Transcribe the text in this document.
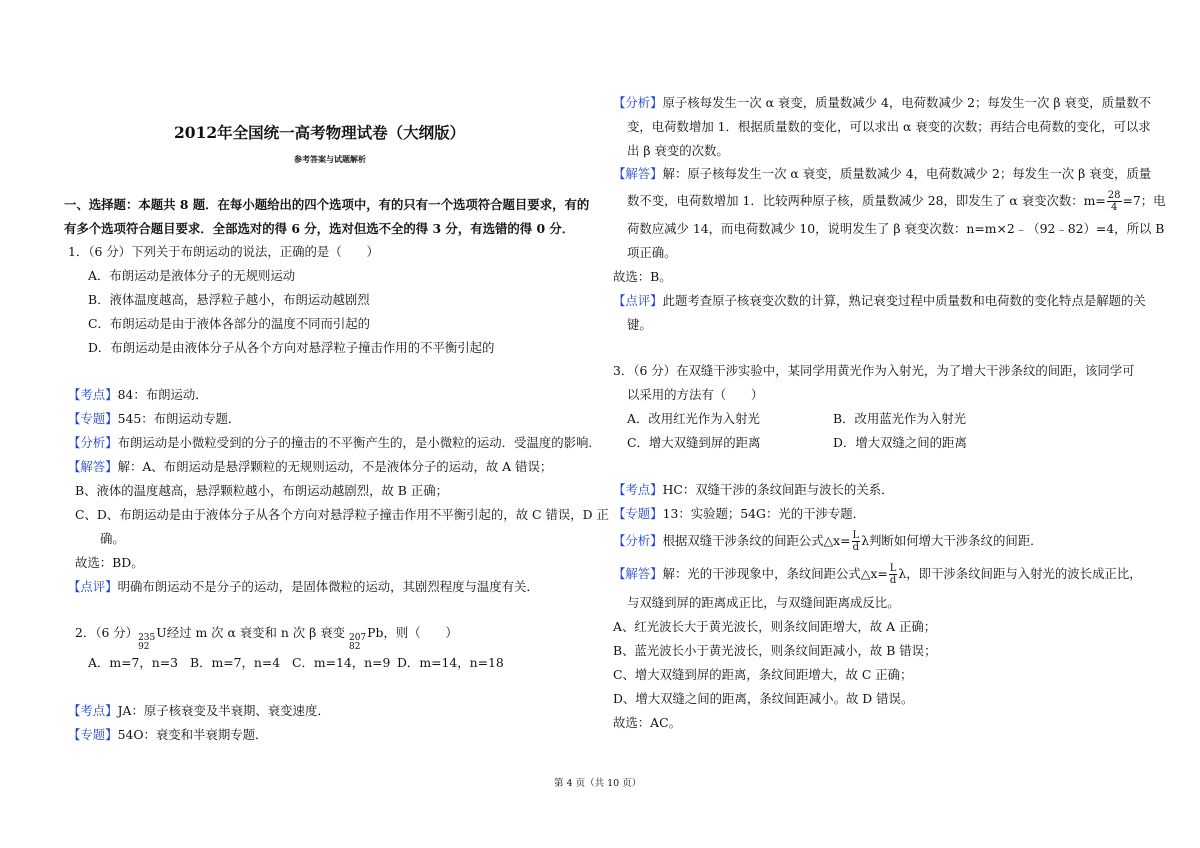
2012年全国统一高考物理试卷（大纲版）
参考答案与试题解析
一、选择题：本题共 8 题．在每小题给出的四个选项中，有的只有一个选项符合题目要求，有的
有多个选项符合题目要求．全部选对的得 6 分，选对但选不全的得 3 分，有选错的得 0 分．
1．（6 分）下列关于布朗运动的说法，正确的是（　　）
A．布朗运动是液体分子的无规则运动
B．液体温度越高，悬浮粒子越小，布朗运动越剧烈
C．布朗运动是由于液体各部分的温度不同而引起的
D．布朗运动是由液体分子从各个方向对悬浮粒子撞击作用的不平衡引起的
【考点】84：布朗运动．
【专题】545：布朗运动专题．
【分析】布朗运动是小微粒受到的分子的撞击的不平衡产生的，是小微粒的运动．受温度的影响．
【解答】解：A、布朗运动是悬浮颗粒的无规则运动，不是液体分子的运动，故 A 错误；
B、液体的温度越高，悬浮颗粒越小，布朗运动越剧烈，故 B 正确；
C、D、布朗运动是由于液体分子从各个方向对悬浮粒子撞击作用不平衡引起的，故 C 错误，D 正
确。
故选：BD。
【点评】明确布朗运动不是分子的运动，是固体微粒的运动，其剧烈程度与温度有关．
2．（6 分） 235
92
U经过 m 次 α 衰变和 n 次 β 衰变 207
82
Pb，则（　　）
A．m=7，n=3 B．m=7，n=4 C．m=14，n=9 D．m=14，n=18
【考点】JA：原子核衰变及半衰期、衰变速度．
【专题】54O：衰变和半衰期专题．
【分析】原子核每发生一次 α 衰变，质量数减少 4，电荷数减少 2；每发生一次 β 衰变，质量数不
变，电荷数增加 1．根据质量数的变化，可以求出 α 衰变的次数；再结合电荷数的变化，可以求
出 β 衰变的次数。
【解答】解：原子核每发生一次 α 衰变，质量数减少 4，电荷数减少 2；每发生一次 β 衰变，质量
数不变，电荷数增加 1．比较两种原子核，质量数减少 28，即发生了 α 衰变次数：$m= \frac{28}{4} =7$；电
荷数应减少 14，而电荷数减少 10，说明发生了 β 衰变次数：n=m×2﹣（92﹣82）=4，所以 B
项正确。
故选：B。
【点评】此题考查原子核衰变次数的计算，熟记衰变过程中质量数和电荷数的变化特点是解题的关
键。
3．（6 分）在双缝干涉实验中，某同学用黄光作为入射光，为了增大干涉条纹的间距，该同学可
以采用的方法有（　　）
A．改用红光作为入射光	B．改用蓝光作为入射光
C．增大双缝到屏的距离	D．增大双缝之间的距离
【考点】HC：双缝干涉的条纹间距与波长的关系．
【专题】13：实验题；54G：光的干涉专题．
【分析】根据双缝干涉条纹的间距公式△x= $\frac{L}{d}$ λ判断如何增大干涉条纹的间距．
【解答】解：光的干涉现象中，条纹间距公式△x= $\frac{L}{d}$ λ，即干涉条纹间距与入射光的波长成正比，
与双缝到屏的距离成正比，与双缝间距离成反比。
A、红光波长大于黄光波长，则条纹间距增大，故 A 正确；
B、蓝光波长小于黄光波长，则条纹间距减小，故 B 错误；
C、增大双缝到屏的距离，条纹间距增大，故 C 正确；
D、增大双缝之间的距离，条纹间距减小。故 D 错误。
故选：AC。
第 4 页（共 10 页）
